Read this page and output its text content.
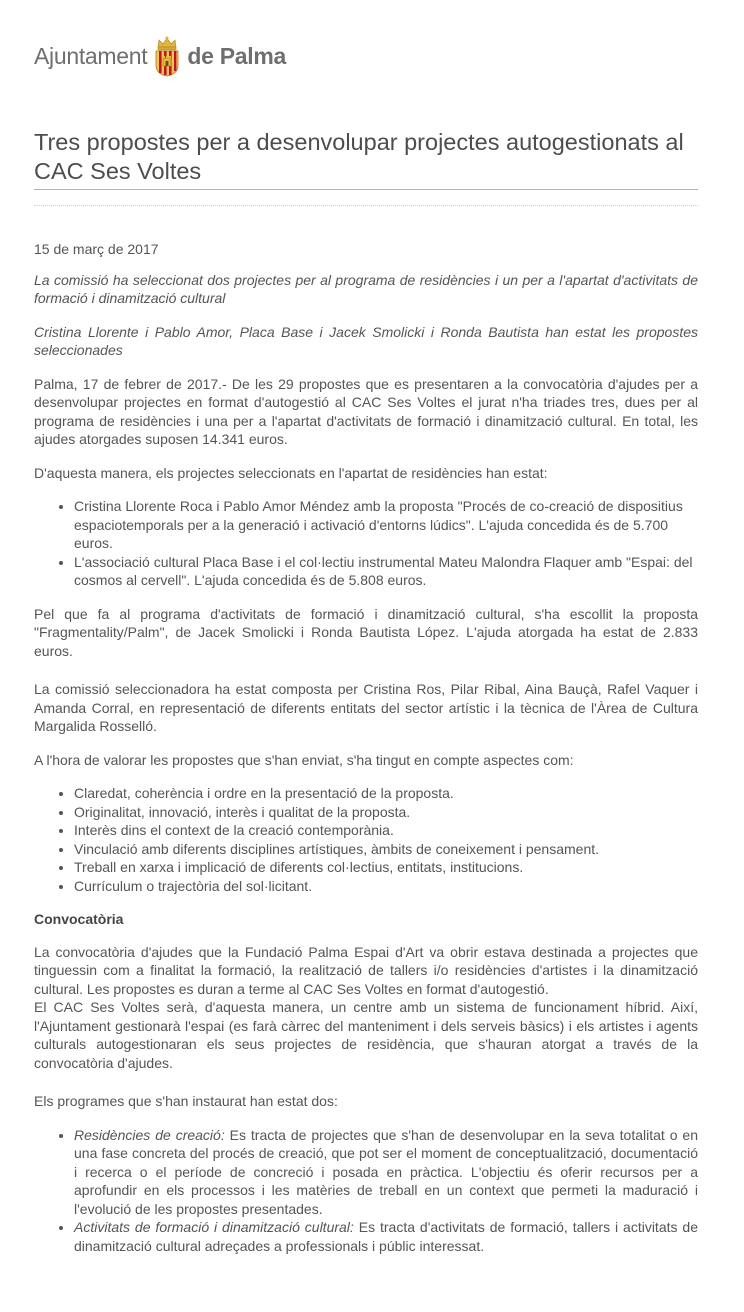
Ajuntament de Palma
Tres propostes per a desenvolupar projectes autogestionats al CAC Ses Voltes

15 de març de 2017

La comissió ha seleccionat dos projectes per al programa de residències i un per a l'apartat d'activitats de formació i dinamització cultural

Cristina Llorente i Pablo Amor, Placa Base i Jacek Smolicki i Ronda Bautista han estat les propostes seleccionades

Palma, 17 de febrer de 2017.- De les 29 propostes que es presentaren a la convocatòria d'ajudes per a desenvolupar projectes en format d'autogestió al CAC Ses Voltes el jurat n'ha triades tres, dues per al programa de residències i una per a l'apartat d'activitats de formació i dinamització cultural. En total, les ajudes atorgades suposen 14.341 euros.

D'aquesta manera, els projectes seleccionats en l'apartat de residències han estat:

• Cristina Llorente Roca i Pablo Amor Méndez amb la proposta "Procés de co-creació de dispositius espaciotemporals per a la generació i activació d'entorns lúdics". L'ajuda concedida és de 5.700 euros.
• L'associació cultural Placa Base i el col·lectiu instrumental Mateu Malondra Flaquer amb "Espai: del cosmos al cervell". L'ajuda concedida és de 5.808 euros.

Pel que fa al programa d'activitats de formació i dinamització cultural, s'ha escollit la proposta "Fragmentality/Palm", de Jacek Smolicki i Ronda Bautista López. L'ajuda atorgada ha estat de 2.833 euros.

La comissió seleccionadora ha estat composta per Cristina Ros, Pilar Ribal, Aina Bauçà, Rafel Vaquer i Amanda Corral, en representació de diferents entitats del sector artístic i la tècnica de l'Àrea de Cultura Margalida Rosselló.

A l'hora de valorar les propostes que s'han enviat, s'ha tingut en compte aspectes com:

• Claredat, coherència i ordre en la presentació de la proposta.
• Originalitat, innovació, interès i qualitat de la proposta.
• Interès dins el context de la creació contemporània.
• Vinculació amb diferents disciplines artístiques, àmbits de coneixement i pensament.
• Treball en xarxa i implicació de diferents col·lectius, entitats, institucions.
• Currículum o trajectòria del sol·licitant.

Convocatòria

La convocatòria d'ajudes que la Fundació Palma Espai d'Art va obrir estava destinada a projectes que tinguessin com a finalitat la formació, la realització de tallers i/o residències d'artistes i la dinamització cultural. Les propostes es duran a terme al CAC Ses Voltes en format d'autogestió.

El CAC Ses Voltes serà, d'aquesta manera, un centre amb un sistema de funcionament híbrid. Així, l'Ajuntament gestionarà l'espai (es farà càrrec del manteniment i dels serveis bàsics) i els artistes i agents culturals autogestionaran els seus projectes de residència, que s'hauran atorgat a través de la convocatòria d'ajudes.

Els programes que s'han instaurat han estat dos:

• Residències de creació: Es tracta de projectes que s'han de desenvolupar en la seva totalitat o en una fase concreta del procés de creació, que pot ser el moment de conceptualització, documentació i recerca o el període de concreció i posada en pràctica. L'objectiu és oferir recursos per a aprofundir en els processos i les matèries de treball en un context que permeti la maduració i l'evolució de les propostes presentades.
• Activitats de formació i dinamització cultural: Es tracta d'activitats de formació, tallers i activitats de dinamització cultural adreçades a professionals i públic interessat.
